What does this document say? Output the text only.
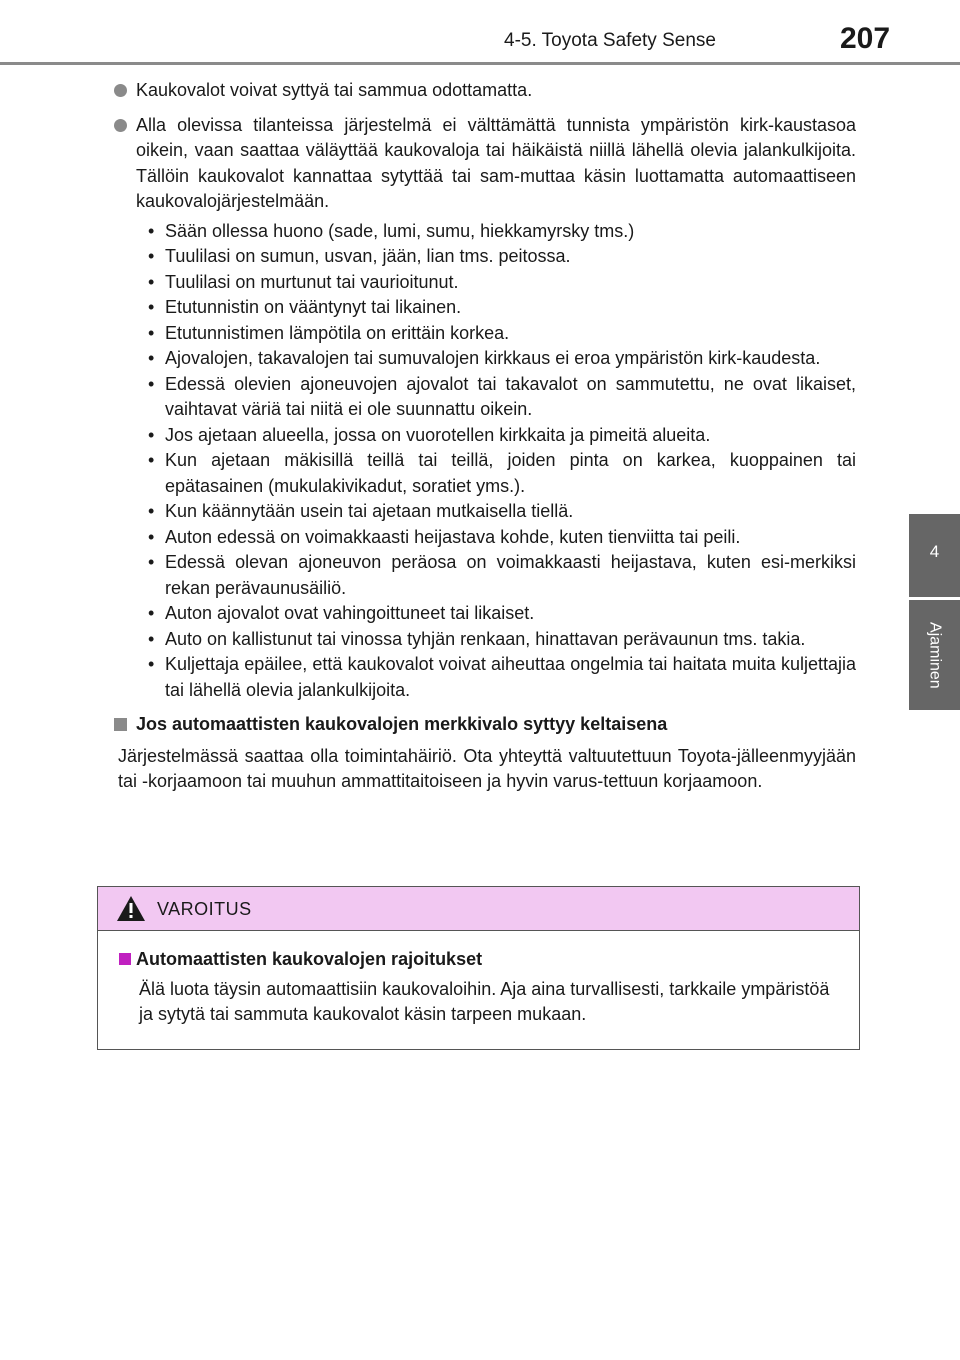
4-5. Toyota Safety Sense	207
4
Ajaminen
Kaukovalot voivat syttyä tai sammua odottamatta.
Alla olevissa tilanteissa järjestelmä ei välttämättä tunnista ympäristön kirk-kaustasoa oikein, vaan saattaa väläyttää kaukovaloja tai häikäistä niillä lähellä olevia jalankulkijoita. Tällöin kaukovalot kannattaa sytyttää tai sam-muttaa käsin luottamatta automaattiseen kaukovalojärjestelmään.
• Sään ollessa huono (sade, lumi, sumu, hiekkamyrsky tms.)
• Tuulilasi on sumun, usvan, jään, lian tms. peitossa.
• Tuulilasi on murtunut tai vaurioitunut.
• Etutunnistin on vääntynyt tai likainen.
• Etutunnistimen lämpötila on erittäin korkea.
• Ajovalojen, takavalojen tai sumuvalojen kirkkaus ei eroa ympäristön kirk-kaudesta.
• Edessä olevien ajoneuvojen ajovalot tai takavalot on sammutettu, ne ovat likaiset, vaihtavat väriä tai niitä ei ole suunnattu oikein.
• Jos ajetaan alueella, jossa on vuorotellen kirkkaita ja pimeitä alueita.
• Kun ajetaan mäkisillä teillä tai teillä, joiden pinta on karkea, kuoppainen tai epätasainen (mukulakivikadut, soratiet yms.).
• Kun käännytään usein tai ajetaan mutkaisella tiellä.
• Auton edessä on voimakkaasti heijastava kohde, kuten tienviitta tai peili.
• Edessä olevan ajoneuvon peräosa on voimakkaasti heijastava, kuten esi-merkiksi rekan perävaunusäiliö.
• Auton ajovalot ovat vahingoittuneet tai likaiset.
• Auto on kallistunut tai vinossa tyhjän renkaan, hinattavan perävaunun tms. takia.
• Kuljettaja epäilee, että kaukovalot voivat aiheuttaa ongelmia tai haitata muita kuljettajia tai lähellä olevia jalankulkijoita.
Jos automaattisten kaukovalojen merkkivalo syttyy keltaisena
Järjestelmässä saattaa olla toimintahäiriö. Ota yhteyttä valtuutettuun Toyota-jälleenmyyjään tai -korjaamoon tai muuhun ammattitaitoiseen ja hyvin varus-tettuun korjaamoon.
VAROITUS
Automaattisten kaukovalojen rajoitukset
Älä luota täysin automaattisiin kaukovaloihin. Aja aina turvallisesti, tarkkaile ympäristöä ja sytytä tai sammuta kaukovalot käsin tarpeen mukaan.
